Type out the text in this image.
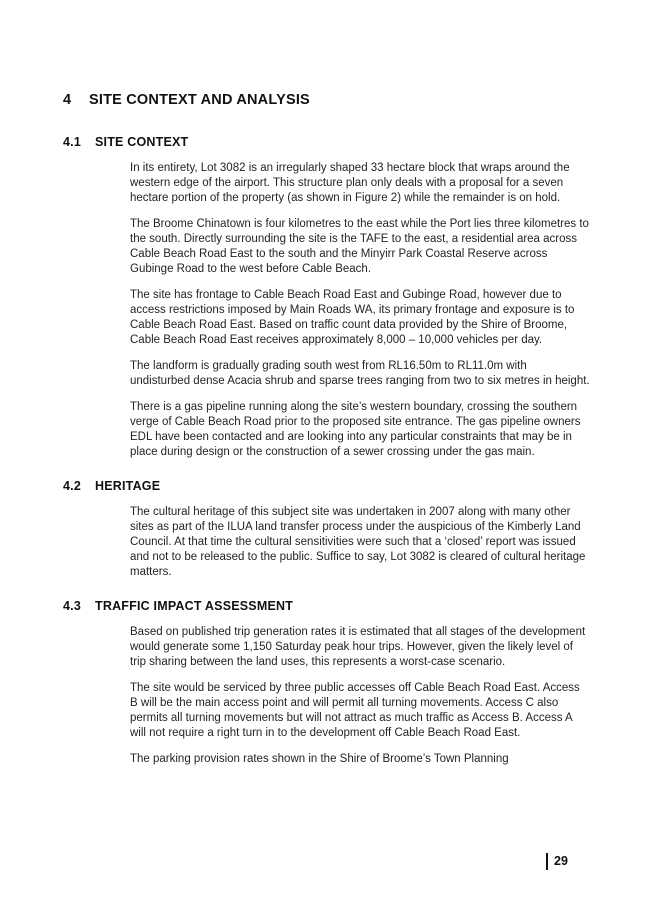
4	SITE CONTEXT AND ANALYSIS
4.1	SITE CONTEXT

In its entirety, Lot 3082 is an irregularly shaped 33 hectare block that wraps around the western edge of the airport. This structure plan only deals with a proposal for a seven hectare portion of the property (as shown in Figure 2) while the remainder is on hold.

The Broome Chinatown is four kilometres to the east while the Port lies three kilometres to the south. Directly surrounding the site is the TAFE to the east, a residential area across Cable Beach Road East to the south and the Minyirr Park Coastal Reserve across Gubinge Road to the west before Cable Beach.

The site has frontage to Cable Beach Road East and Gubinge Road, however due to access restrictions imposed by Main Roads WA, its primary frontage and exposure is to Cable Beach Road East. Based on traffic count data provided by the Shire of Broome, Cable Beach Road East receives approximately 8,000 – 10,000 vehicles per day.

The landform is gradually grading south west from RL16.50m to RL11.0m with undisturbed dense Acacia shrub and sparse trees ranging from two to six metres in height.

There is a gas pipeline running along the site’s western boundary, crossing the southern verge of Cable Beach Road prior to the proposed site entrance. The gas pipeline owners EDL have been contacted and are looking into any particular constraints that may be in place during design or the construction of a sewer crossing under the gas main.

4.2	HERITAGE

The cultural heritage of this subject site was undertaken in 2007 along with many other sites as part of the ILUA land transfer process under the auspicious of the Kimberly Land Council. At that time the cultural sensitivities were such that a ‘closed’ report was issued and not to be released to the public. Suffice to say, Lot 3082 is cleared of cultural heritage matters.

4.3	TRAFFIC IMPACT ASSESSMENT

Based on published trip generation rates it is estimated that all stages of the development would generate some 1,150 Saturday peak hour trips. However, given the likely level of trip sharing between the land uses, this represents a worst-case scenario.

The site would be serviced by three public accesses off Cable Beach Road East. Access B will be the main access point and will permit all turning movements. Access C also permits all turning movements but will not attract as much traffic as Access B. Access A will not require a right turn in to the development off Cable Beach Road East.

The parking provision rates shown in the Shire of Broome’s Town Planning

29
